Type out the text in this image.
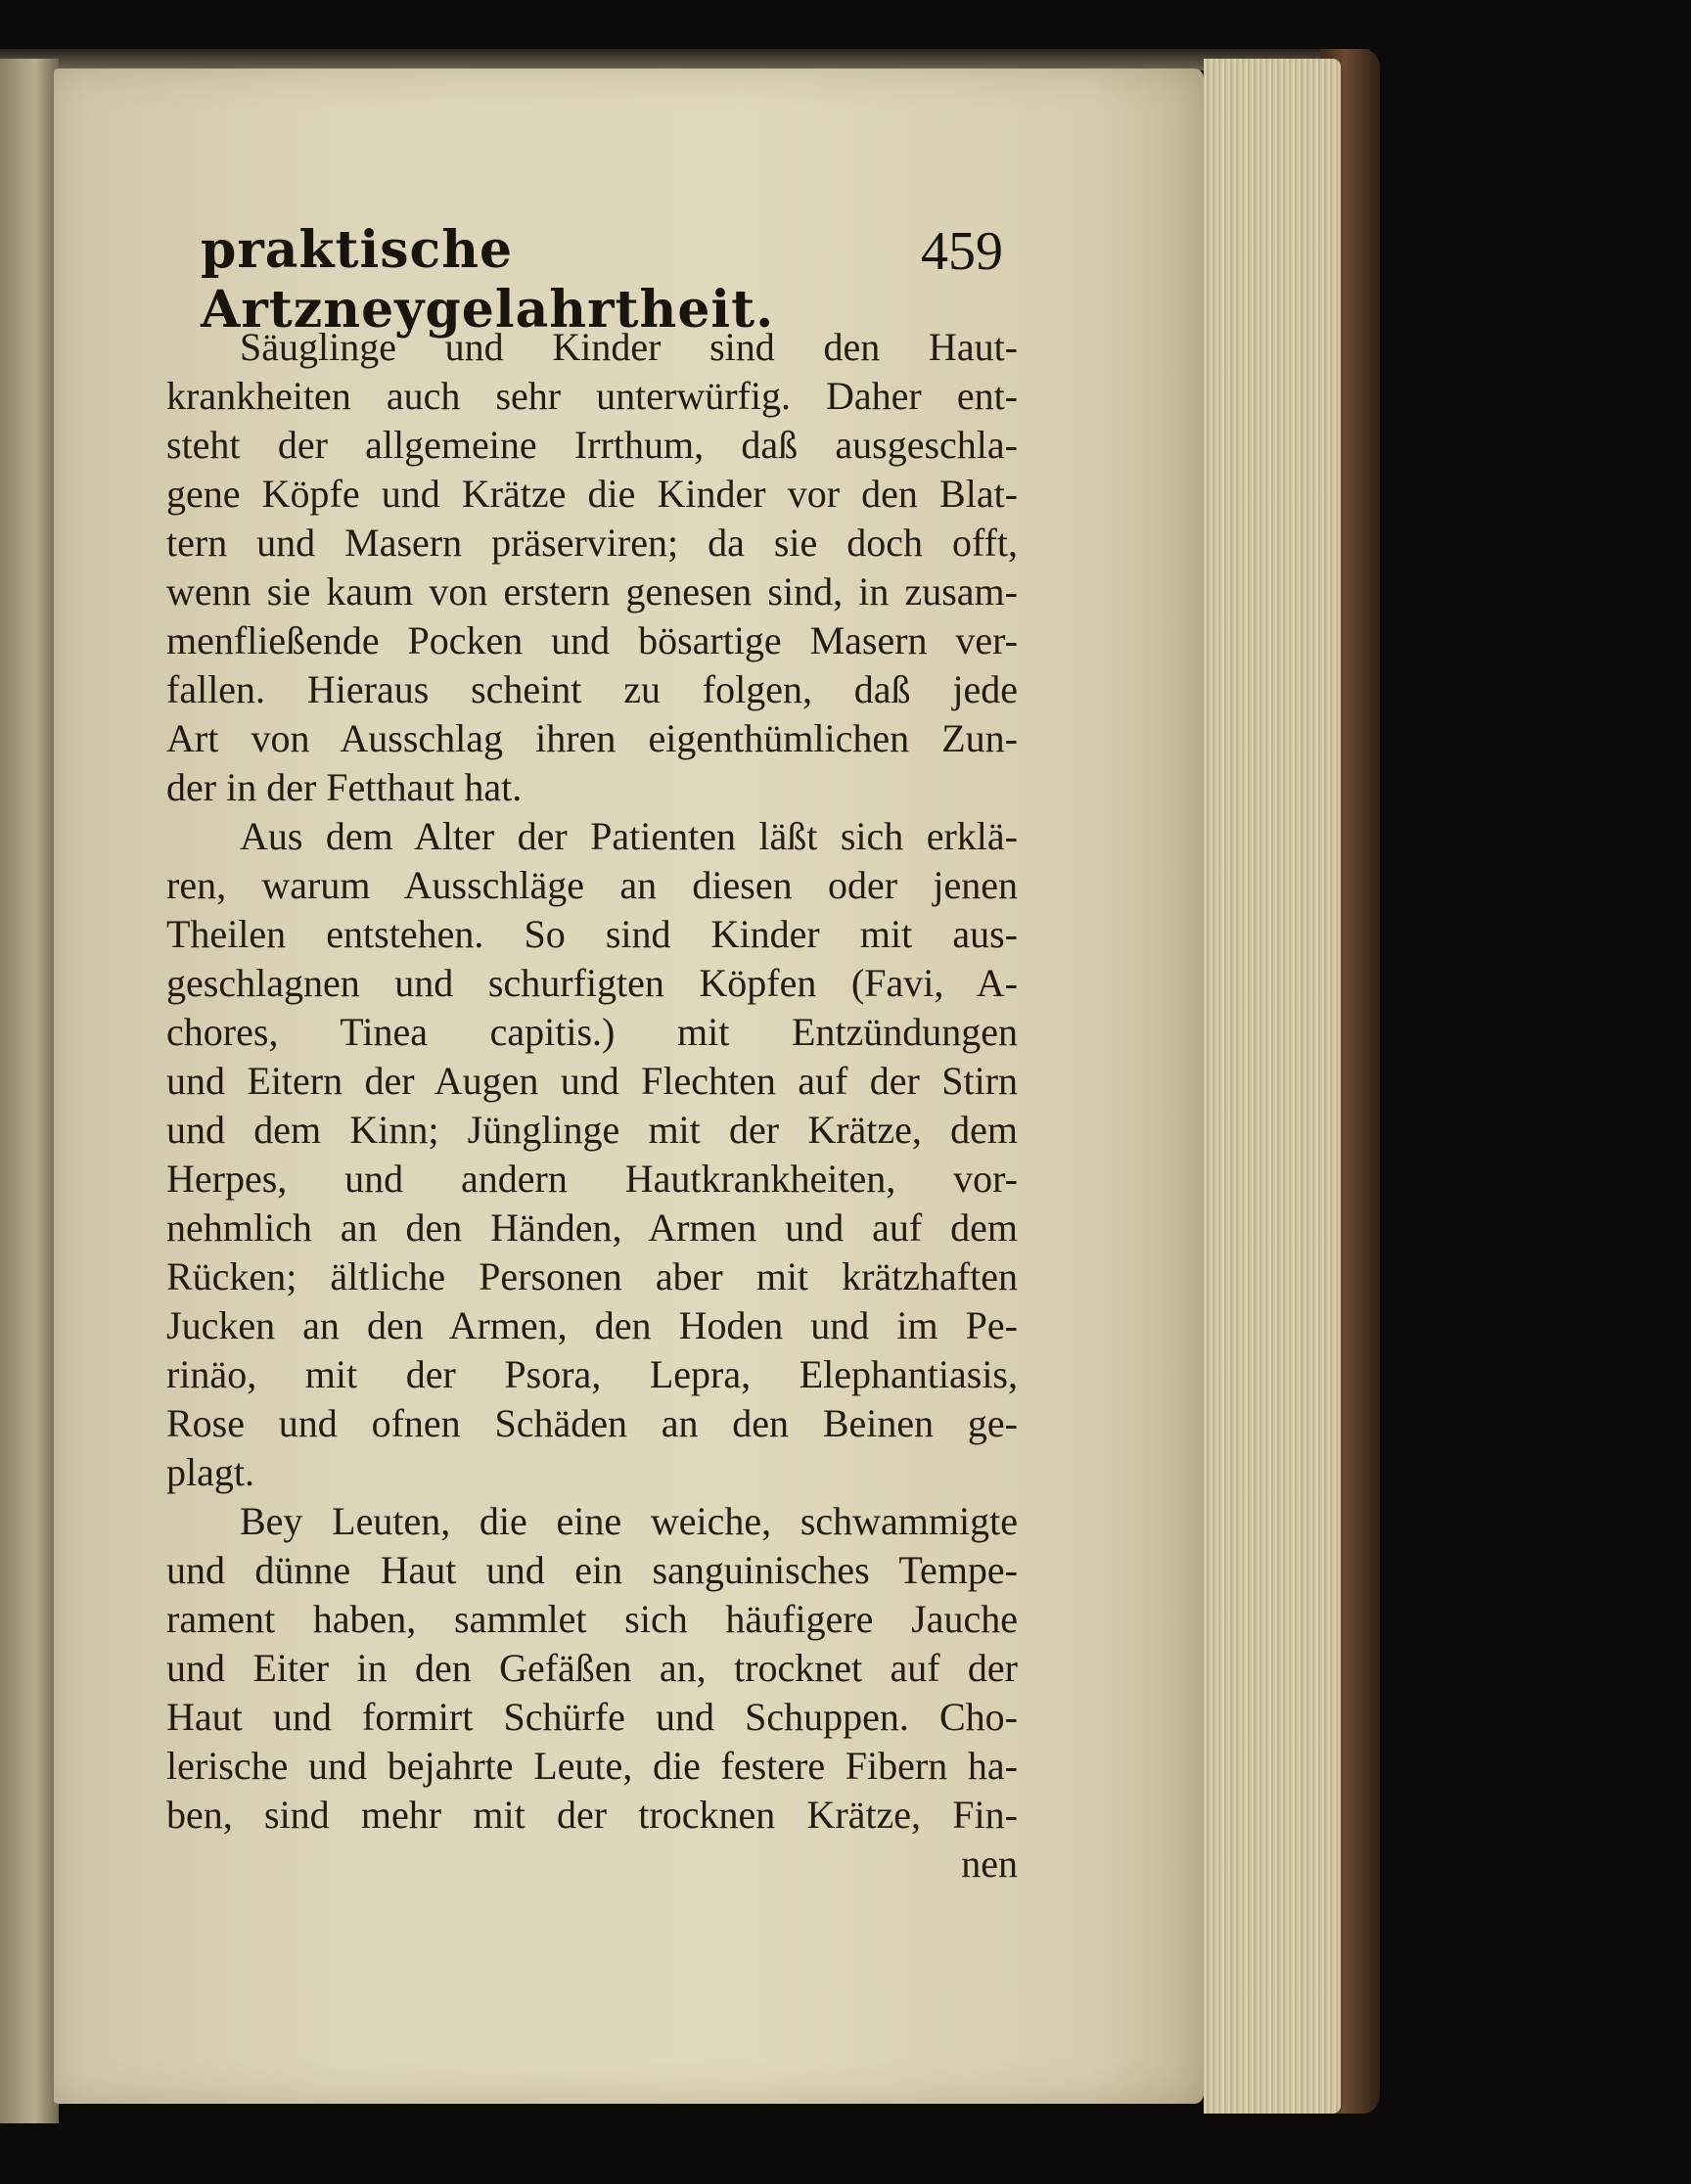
praktische Artzneygelahrtheit.
459
Säuglinge und Kinder sind den Haut-
krankheiten auch sehr unterwürfig. Daher ent-
steht der allgemeine Irrthum, daß ausgeschla-
gene Köpfe und Krätze die Kinder vor den Blat-
tern und Masern präserviren; da sie doch offt,
wenn sie kaum von erstern genesen sind, in zusam-
menfließende Pocken und bösartige Masern ver-
fallen. Hieraus scheint zu folgen, daß jede
Art von Ausschlag ihren eigenthümlichen Zun-
der in der Fetthaut hat.
Aus dem Alter der Patienten läßt sich erklä-
ren, warum Ausschläge an diesen oder jenen
Theilen entstehen. So sind Kinder mit aus-
geschlagnen und schurfigten Köpfen (Favi, A-
chores, Tinea capitis.) mit Entzündungen
und Eitern der Augen und Flechten auf der Stirn
und dem Kinn; Jünglinge mit der Krätze, dem
Herpes, und andern Hautkrankheiten, vor-
nehmlich an den Händen, Armen und auf dem
Rücken; ältliche Personen aber mit krätzhaften
Jucken an den Armen, den Hoden und im Pe-
rinäo, mit der Psora, Lepra, Elephantiasis,
Rose und ofnen Schäden an den Beinen ge-
plagt.
Bey Leuten, die eine weiche, schwammigte
und dünne Haut und ein sanguinisches Tempe-
rament haben, sammlet sich häufigere Jauche
und Eiter in den Gefäßen an, trocknet auf der
Haut und formirt Schürfe und Schuppen. Cho-
lerische und bejahrte Leute, die festere Fibern ha-
ben, sind mehr mit der trocknen Krätze, Fin-
nen
